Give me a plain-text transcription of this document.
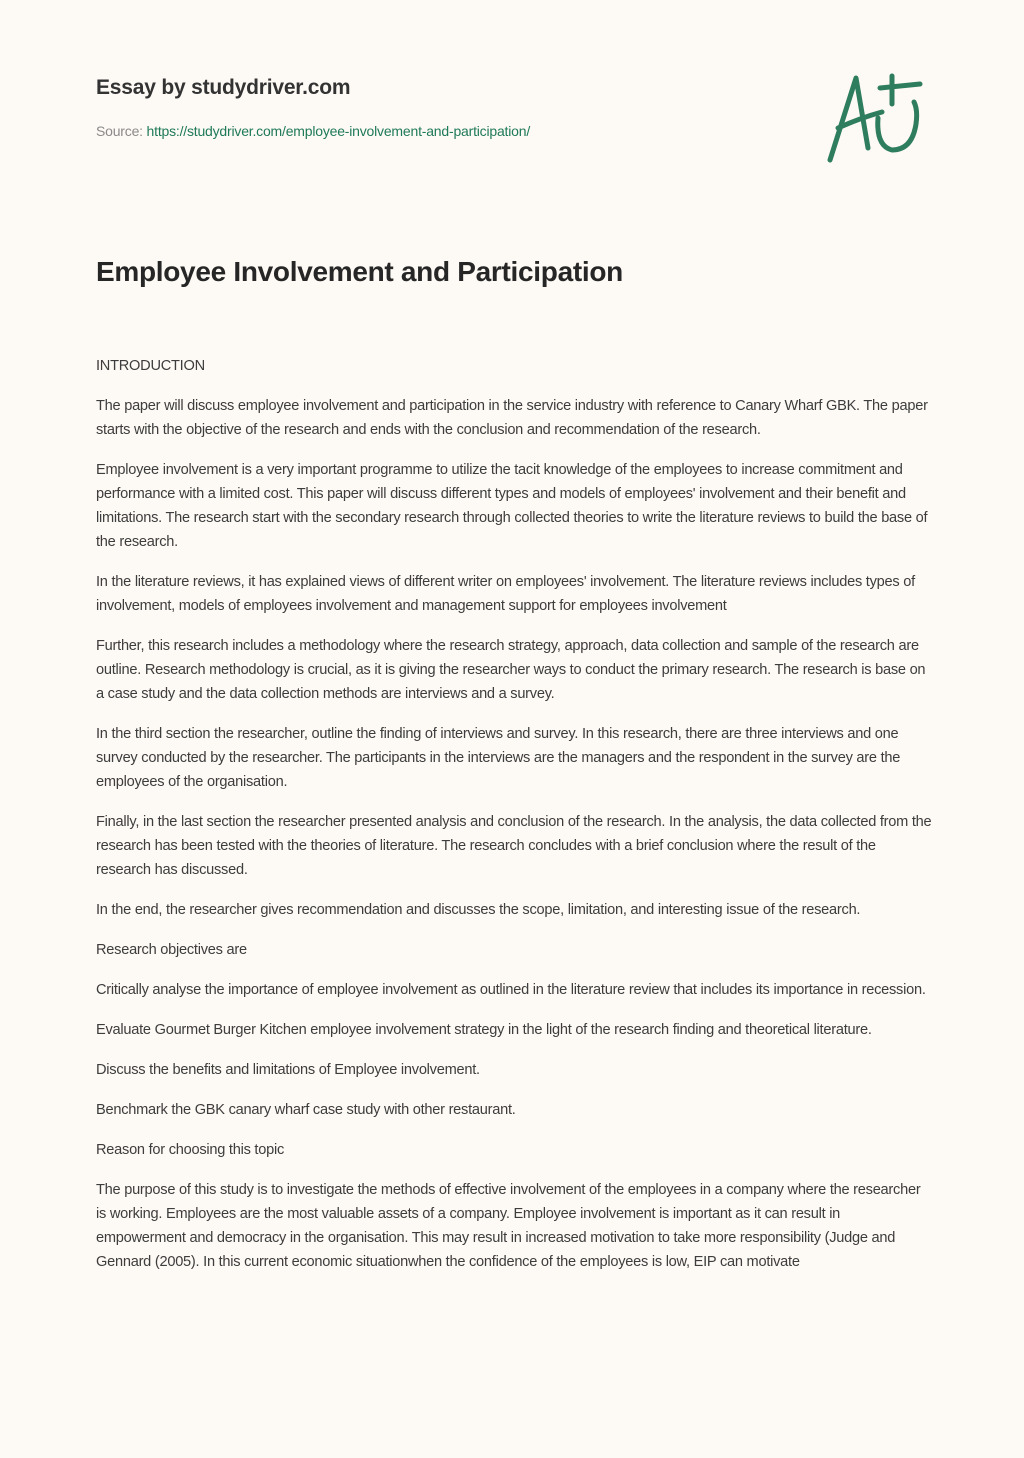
Essay by studydriver.com
Source: https://studydriver.com/employee-involvement-and-participation/
Employee Involvement and Participation

INTRODUCTION

The paper will discuss employee involvement and participation in the service industry with reference to Canary Wharf GBK. The paper starts with the objective of the research and ends with the conclusion and recommendation of the research.

Employee involvement is a very important programme to utilize the tacit knowledge of the employees to increase commitment and performance with a limited cost. This paper will discuss different types and models of employees' involvement and their benefit and limitations. The research start with the secondary research through collected theories to write the literature reviews to build the base of the research.

In the literature reviews, it has explained views of different writer on employees' involvement. The literature reviews includes types of involvement, models of employees involvement and management support for employees involvement

Further, this research includes a methodology where the research strategy, approach, data collection and sample of the research are outline. Research methodology is crucial, as it is giving the researcher ways to conduct the primary research. The research is base on a case study and the data collection methods are interviews and a survey.

In the third section the researcher, outline the finding of interviews and survey. In this research, there are three interviews and one survey conducted by the researcher. The participants in the interviews are the managers and the respondent in the survey are the employees of the organisation.

Finally, in the last section the researcher presented analysis and conclusion of the research. In the analysis, the data collected from the research has been tested with the theories of literature. The research concludes with a brief conclusion where the result of the research has discussed.

In the end, the researcher gives recommendation and discusses the scope, limitation, and interesting issue of the research.

Research objectives are

Critically analyse the importance of employee involvement as outlined in the literature review that includes its importance in recession.

Evaluate Gourmet Burger Kitchen employee involvement strategy in the light of the research finding and theoretical literature.

Discuss the benefits and limitations of Employee involvement.

Benchmark the GBK canary wharf case study with other restaurant.

Reason for choosing this topic

The purpose of this study is to investigate the methods of effective involvement of the employees in a company where the researcher is working. Employees are the most valuable assets of a company. Employee involvement is important as it can result in empowerment and democracy in the organisation. This may result in increased motivation to take more responsibility (Judge and Gennard (2005). In this current economic situationwhen the confidence of the employees is low, EIP can motivate
